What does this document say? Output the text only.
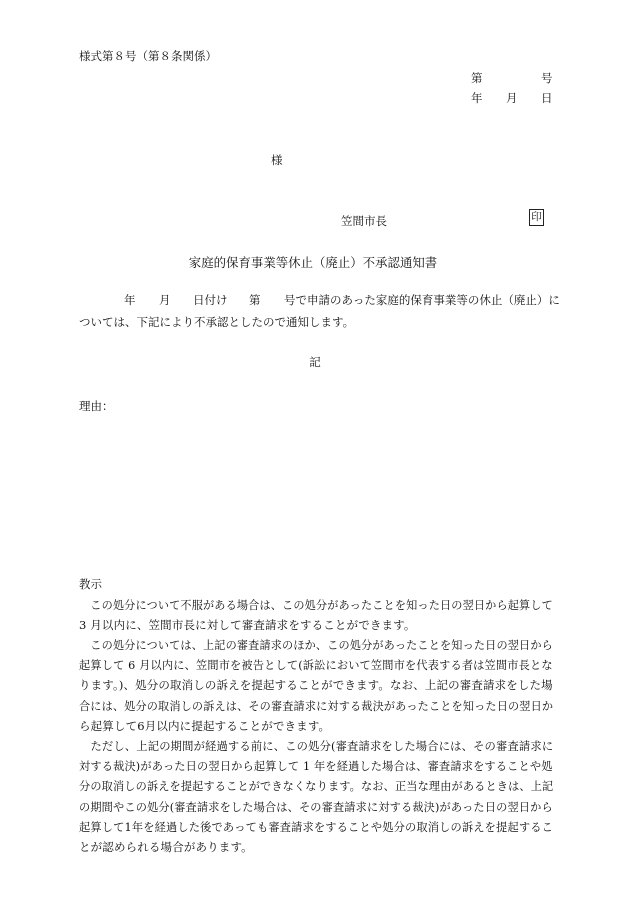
様式第８号（第８条関係）
第	号
年 月 日
様
笠間市長	印
家庭的保育事業等休止（廃止）不承認通知書
年 月 日付け 第 号で申請のあった家庭的保育事業等の休止（廃止）に
ついては、下記により不承認としたので通知します。
記
理由：
教示
　この処分について不服がある場合は、この処分があったことを知った日の翌日から起算して
3 月以内に、笠間市長に対して審査請求をすることができます。
　この処分については、上記の審査請求のほか、この処分があったことを知った日の翌日から
起算して 6 月以内に、笠間市を被告として(訴訟において笠間市を代表する者は笠間市長とな
ります。)、処分の取消しの訴えを提起することができます。なお、上記の審査請求をした場
合には、処分の取消しの訴えは、その審査請求に対する裁決があったことを知った日の翌日か
ら起算して6月以内に提起することができます。
　ただし、上記の期間が経過する前に、この処分(審査請求をした場合には、その審査請求に
対する裁決)があった日の翌日から起算して 1 年を経過した場合は、審査請求をすることや処
分の取消しの訴えを提起することができなくなります。なお、正当な理由があるときは、上記
の期間やこの処分(審査請求をした場合は、その審査請求に対する裁決)があった日の翌日から
起算して1年を経過した後であっても審査請求をすることや処分の取消しの訴えを提起するこ
とが認められる場合があります。
